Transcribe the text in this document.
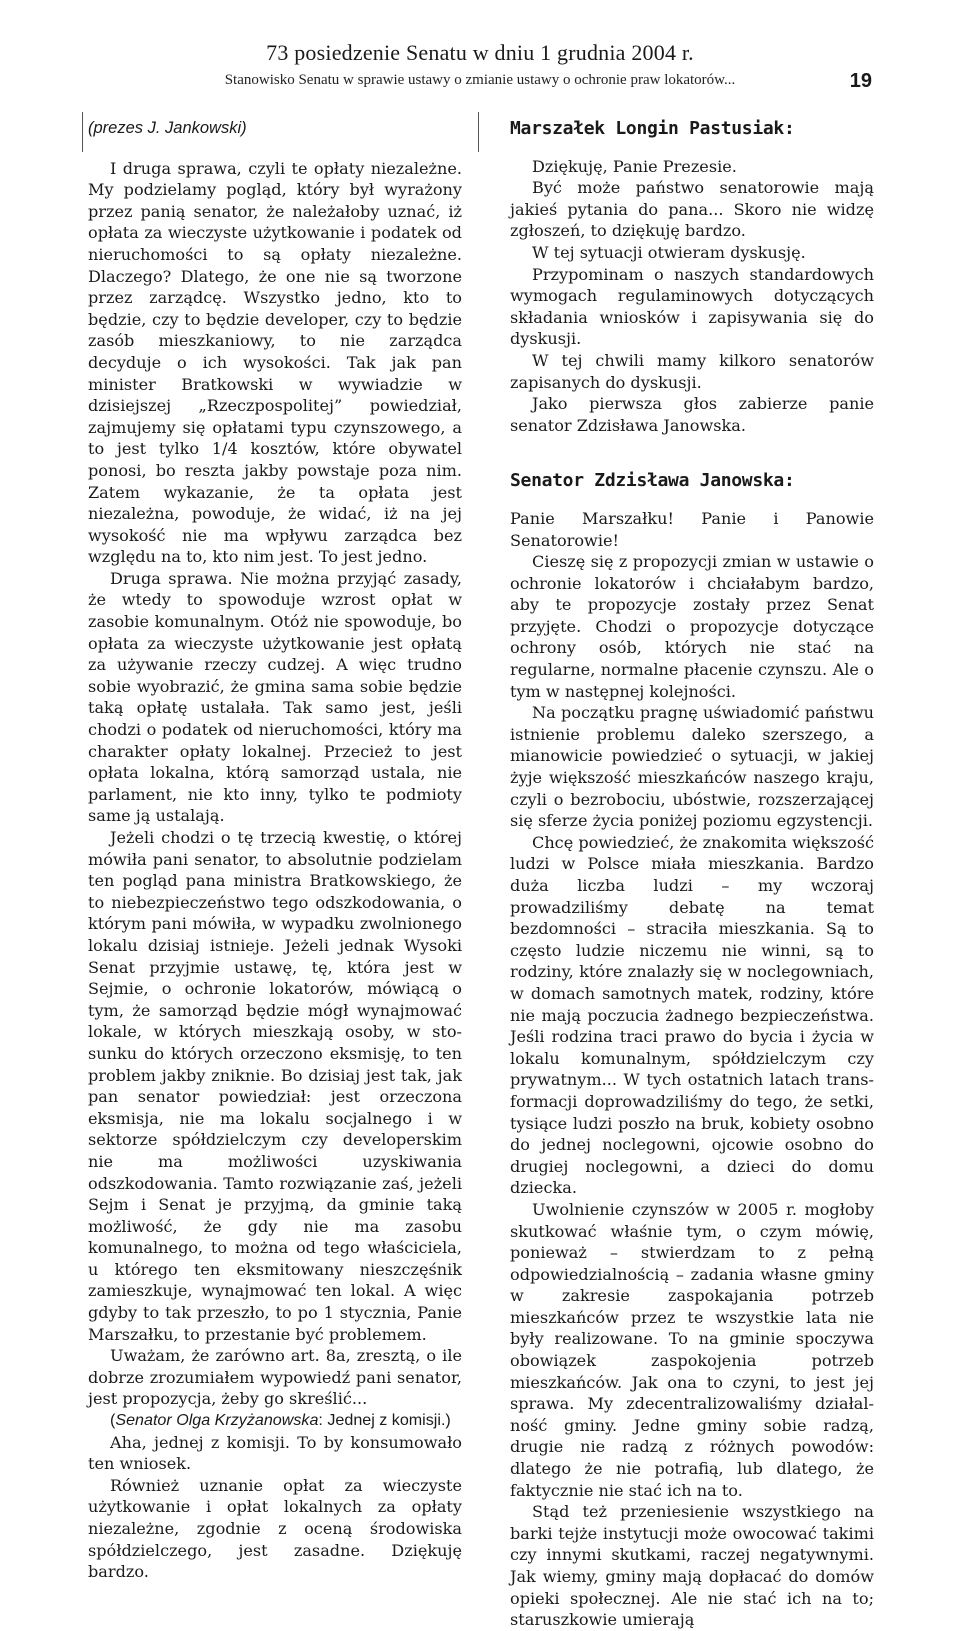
73 posiedzenie Senatu w dniu 1 grudnia 2004 r.
Stanowisko Senatu w sprawie ustawy o zmianie ustawy o ochronie praw lokatorów...	19

(prezes J. Jankowski)

I druga sprawa, czyli te opłaty niezależne. My podzielamy pogląd, który był wyrażony przez panią senator, że należałoby uznać, iż opłata za wieczyste użytkowanie i podatek od nieruchomości to są opłaty niezależne. Dlaczego? Dlatego, że one nie są tworzone przez zarządcę. Wszystko jedno, kto to będzie, czy to będzie developer, czy to będzie zasób mieszkaniowy, to nie zarządca decyduje o ich wysokości. Tak jak pan minister Bratkowski w wywiadzie w dzisiejszej „Rzeczpospolitej” powiedział, zajmujemy się opłatami typu czynszowego, a to jest tylko 1/4 kosztów, które obywatel ponosi, bo reszta jakby powstaje poza nim. Zatem wykazanie, że ta opłata jest niezależna, powoduje, że widać, iż na jej wysokość nie ma wpływu zarządca bez względu na to, kto nim jest. To jest jedno.

Druga sprawa. Nie można przyjąć zasady, że wtedy to spowoduje wzrost opłat w zasobie komunalnym. Otóż nie spowoduje, bo opłata za wieczyste użytkowanie jest opłatą za używanie rzeczy cudzej. A więc trudno sobie wyobrazić, że gmina sama sobie będzie taką opłatę ustalała. Tak samo jest, jeśli chodzi o podatek od nieruchomości, który ma charakter opłaty lokalnej. Przecież to jest opłata lokalna, którą samorząd ustala, nie parlament, nie kto inny, tylko te podmioty same ją ustalają.

Jeżeli chodzi o tę trzecią kwestię, o której mówiła pani senator, to absolutnie podzielam ten pogląd pana ministra Bratkowskiego, że to niebezpieczeństwo tego odszkodowania, o którym pani mówiła, w wypadku zwolnionego lokalu dzisiaj istnieje. Jeżeli jednak Wysoki Senat przyjmie ustawę, tę, która jest w Sejmie, o ochronie lokatorów, mówiącą o tym, że samorząd będzie mógł wynajmować lokale, w których mieszkają osoby, w stosunku do których orzeczono eksmisję, to ten problem jakby zniknie. Bo dzisiaj jest tak, jak pan senator powiedział: jest orzeczona eksmisja, nie ma lokalu socjalnego i w sektorze spółdzielczym czy developerskim nie ma możliwości uzyskiwania odszkodowania. Tamto rozwiązanie zaś, jeżeli Sejm i Senat je przyjmą, da gminie taką możliwość, że gdy nie ma zasobu komunalnego, to można od tego właściciela, u którego ten eksmitowany nieszczęśnik zamieszkuje, wynajmować ten lokal. A więc gdyby to tak przeszło, to po 1 stycznia, Panie Marszałku, to przestanie być problemem.

Uważam, że zarówno art. 8a, zresztą, o ile dobrze zrozumiałem wypowiedź pani senator, jest propozycja, żeby go skreślić...

(Senator Olga Krzyżanowska: Jednej z komisji.)

Aha, jednej z komisji. To by konsumowało ten wniosek.

Również uznanie opłat za wieczyste użytkowanie i opłat lokalnych za opłaty niezależne, zgodnie z oceną środowiska spółdzielczego, jest zasadne. Dziękuję bardzo.

Marszałek Longin Pastusiak:

Dziękuję, Panie Prezesie.

Być może państwo senatorowie mają jakieś pytania do pana... Skoro nie widzę zgłoszeń, to dziękuję bardzo.

W tej sytuacji otwieram dyskusję.

Przypominam o naszych standardowych wymogach regulaminowych dotyczących składania wniosków i zapisywania się do dyskusji.

W tej chwili mamy kilkoro senatorów zapisanych do dyskusji.

Jako pierwsza głos zabierze panie senator Zdzisława Janowska.

Senator Zdzisława Janowska:

Panie Marszałku! Panie i Panowie Senatorowie!

Cieszę się z propozycji zmian w ustawie o ochronie lokatorów i chciałabym bardzo, aby te propozycje zostały przez Senat przyjęte. Chodzi o propozycje dotyczące ochrony osób, których nie stać na regularne, normalne płacenie czynszu. Ale o tym w następnej kolejności.

Na początku pragnę uświadomić państwu istnienie problemu daleko szerszego, a mianowicie powiedzieć o sytuacji, w jakiej żyje większość mieszkańców naszego kraju, czyli o bezrobociu, ubóstwie, rozszerzającej się sferze życia poniżej poziomu egzystencji.

Chcę powiedzieć, że znakomita większość ludzi w Polsce miała mieszkania. Bardzo duża liczba ludzi – my wczoraj prowadziliśmy debatę na temat bezdomności – straciła mieszkania. Są to często ludzie niczemu nie winni, są to rodziny, które znalazły się w noclegowniach, w domach samotnych matek, rodziny, które nie mają poczucia żadnego bezpieczeństwa. Jeśli rodzina traci prawo do bycia i życia w lokalu komunalnym, spółdzielczym czy prywatnym... W tych ostatnich latach transformacji doprowadziliśmy do tego, że setki, tysiące ludzi poszło na bruk, kobiety osobno do jednej noclegowni, ojcowie osobno do drugiej noclegowni, a dzieci do domu dziecka.

Uwolnienie czynszów w 2005 r. mogłoby skutkować właśnie tym, o czym mówię, ponieważ – stwierdzam to z pełną odpowiedzialnością – zadania własne gminy w zakresie zaspokajania potrzeb mieszkańców przez te wszystkie lata nie były realizowane. To na gminie spoczywa obowiązek zaspokojenia potrzeb mieszkańców. Jak ona to czyni, to jest jej sprawa. My zdecentralizowaliśmy działalność gminy. Jedne gminy sobie radzą, drugie nie radzą z różnych powodów: dlatego że nie potrafią, lub dlatego, że faktycznie nie stać ich na to.

Stąd też przeniesienie wszystkiego na barki tejże instytucji może owocować takimi czy innymi skutkami, raczej negatywnymi. Jak wiemy, gminy mają dopłacać do domów opieki społecznej. Ale nie stać ich na to; staruszkowie umierają
